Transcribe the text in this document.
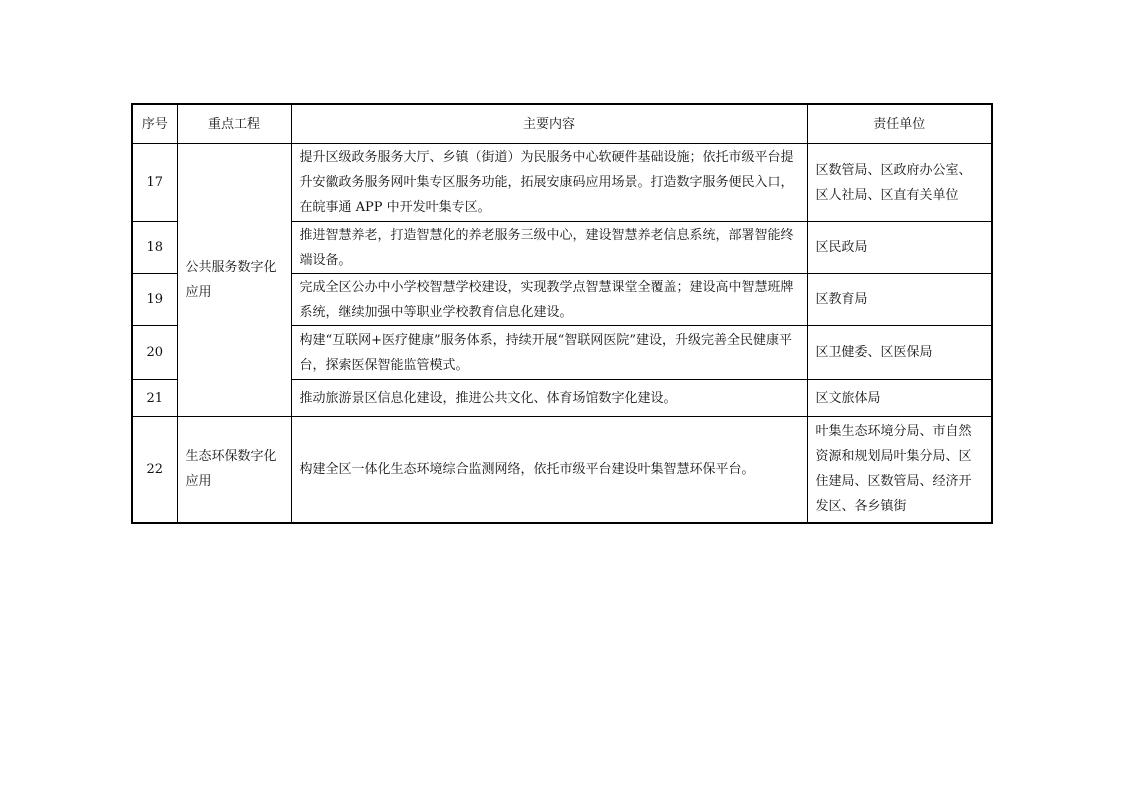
序号	重点工程	主要内容	责任单位
17	公共服务数字化应用	提升区级政务服务大厅、乡镇（街道）为民服务中心软硬件基础设施；依托市级平台提升安徽政务服务网叶集专区服务功能，拓展安康码应用场景。打造数字服务便民入口，在皖事通 APP 中开发叶集专区。	区数管局、区政府办公室、区人社局、区直有关单位
18		推进智慧养老，打造智慧化的养老服务三级中心，建设智慧养老信息系统，部署智能终端设备。	区民政局
19		完成全区公办中小学校智慧学校建设，实现教学点智慧课堂全覆盖；建设高中智慧班牌系统，继续加强中等职业学校教育信息化建设。	区教育局
20		构建“互联网+医疗健康”服务体系，持续开展“智联网医院”建设，升级完善全民健康平台，探索医保智能监管模式。	区卫健委、区医保局
21		推动旅游景区信息化建设，推进公共文化、体育场馆数字化建设。	区文旅体局
22	生态环保数字化应用	构建全区一体化生态环境综合监测网络，依托市级平台建设叶集智慧环保平台。	叶集生态环境分局、市自然资源和规划局叶集分局、区住建局、区数管局、经济开发区、各乡镇街
